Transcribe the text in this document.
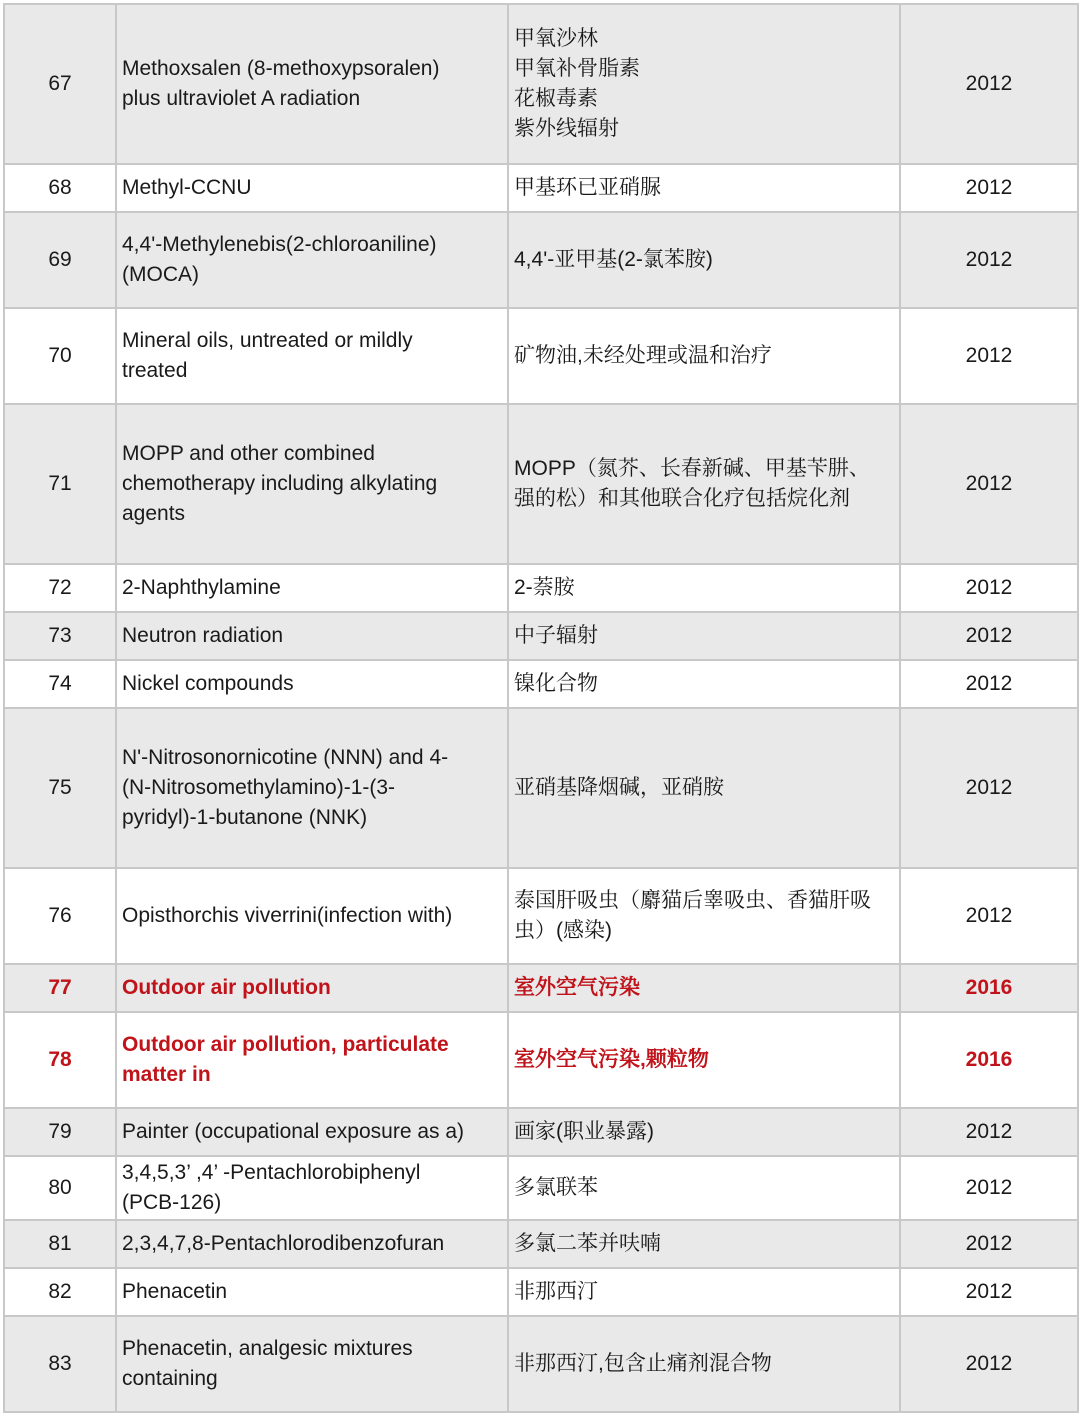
67	Methoxsalen (8-methoxypsoralen)
plus ultraviolet A radiation	甲氧沙林
甲氧补骨脂素
花椒毒素
紫外线辐射	2012
68	Methyl-CCNU	甲基环已亚硝脲	2012
69	4,4'-Methylenebis(2-chloroaniline)
(MOCA)	4,4'-亚甲基(2-氯苯胺)	2012
70	Mineral oils, untreated or mildly
treated	矿物油,未经处理或温和治疗	2012
71	MOPP and other combined
chemotherapy including alkylating
agents	MOPP（氮芥、长春新碱、甲基苄肼、
强的松）和其他联合化疗包括烷化剂	2012
72	2-Naphthylamine	2-萘胺	2012
73	Neutron radiation	中子辐射	2012
74	Nickel compounds	镍化合物	2012
75	N'-Nitrosonornicotine (NNN) and 4-
(N-Nitrosomethylamino)-1-(3-
pyridyl)-1-butanone (NNK)	亚硝基降烟碱，亚硝胺	2012
76	Opisthorchis viverrini(infection with)	泰国肝吸虫（麝猫后睾吸虫、香猫肝吸
虫）(感染)	2012
77	Outdoor air pollution	室外空气污染	2016
78	Outdoor air pollution, particulate
matter in	室外空气污染,颗粒物	2016
79	Painter (occupational exposure as a)	画家(职业暴露)	2012
80	3,4,5,3’ ,4’ -Pentachlorobiphenyl
(PCB-126)	多氯联苯	2012
81	2,3,4,7,8-Pentachlorodibenzofuran	多氯二苯并呋喃	2012
82	Phenacetin	非那西汀	2012
83	Phenacetin, analgesic mixtures
containing	非那西汀,包含止痛剂混合物	2012
